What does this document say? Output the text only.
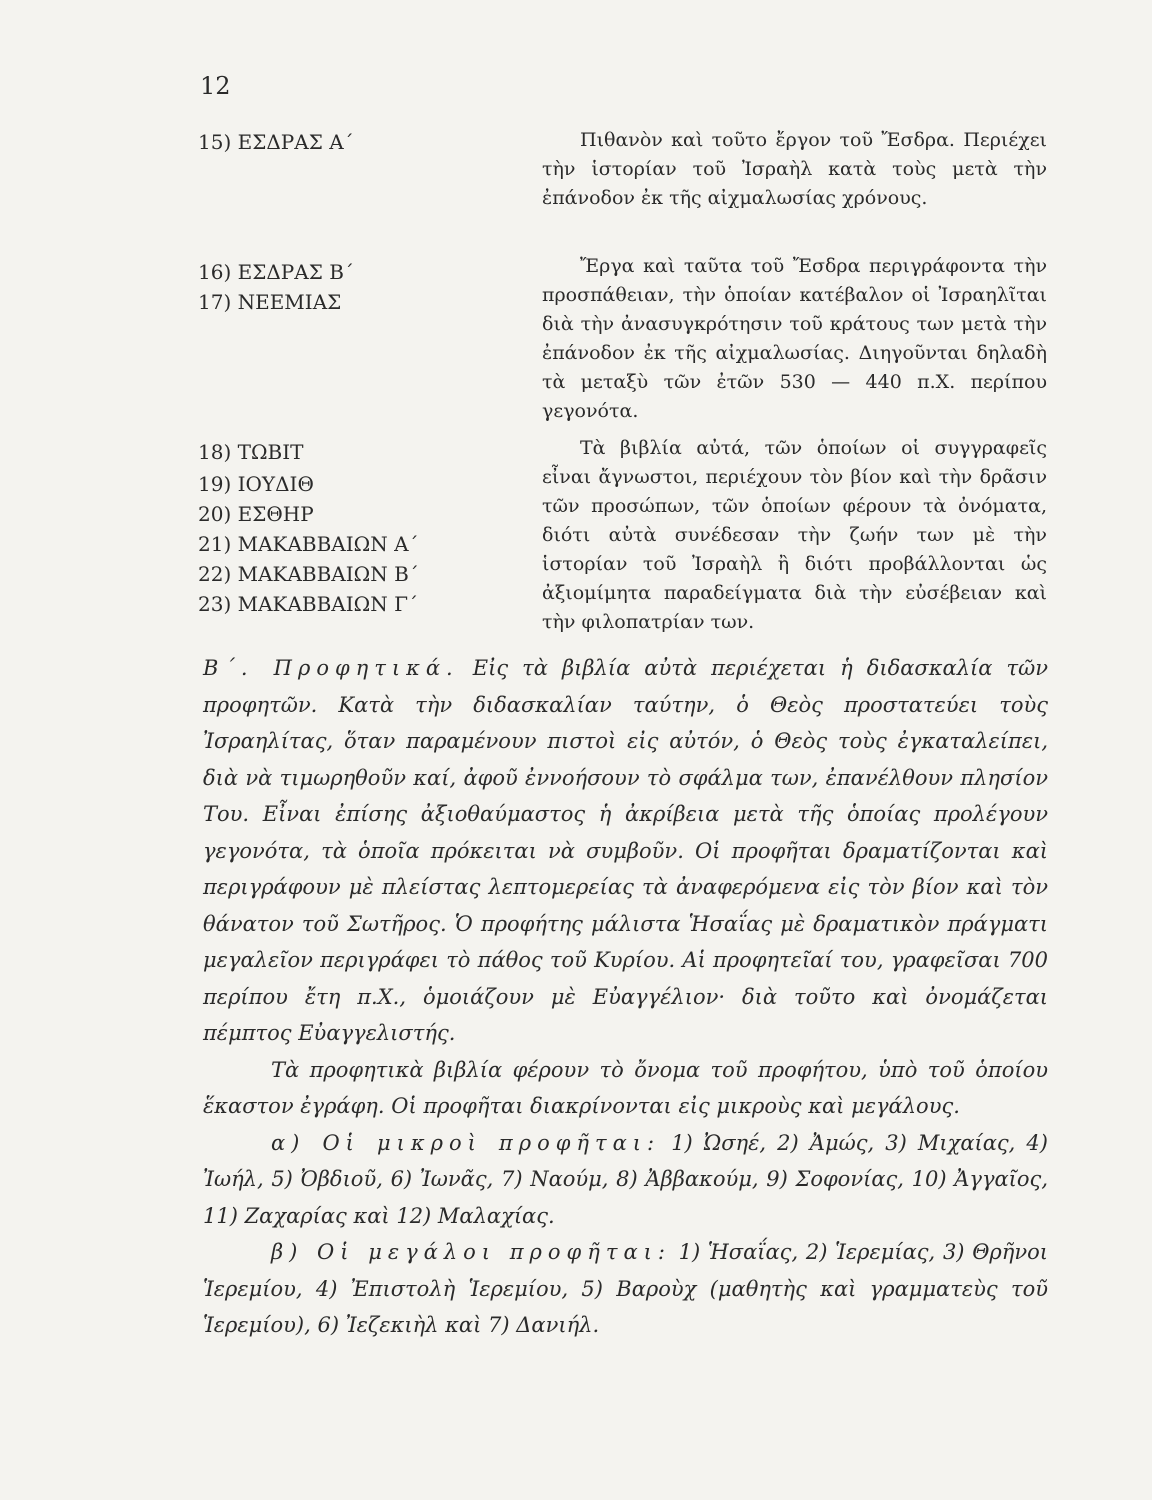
12
15) ΕΣΔΡΑΣ Α΄
16) ΕΣΔΡΑΣ Β΄
17) ΝΕΕΜΙΑΣ
18) ΤΩΒΙΤ
19) ΙΟΥΔΙΘ
20) ΕΣΘΗΡ
21) ΜΑΚΑΒΒΑΙΩΝ Α΄
22) ΜΑΚΑΒΒΑΙΩΝ Β΄
23) ΜΑΚΑΒΒΑΙΩΝ Γ΄

Πιθανὸν καὶ τοῦτο ἔργον τοῦ Ἔσδρα. Περιέχει τὴν ἱστορίαν τοῦ Ἰσραὴλ κατὰ τοὺς μετὰ τὴν ἐπάνοδον ἐκ τῆς αἰχμαλωσίας χρόνους.

Ἔργα καὶ ταῦτα τοῦ Ἔσδρα περιγράφοντα τὴν προσπάθειαν, τὴν ὁποίαν κατέβαλον οἱ Ἰσραηλῖται διὰ τὴν ἀνασυγκρότησιν τοῦ κράτους των μετὰ τὴν ἐπάνοδον ἐκ τῆς αἰχμαλωσίας. Διηγοῦνται δηλαδὴ τὰ μεταξὺ τῶν ἐτῶν 530 — 440 π.Χ. περίπου γεγονότα.

Τὰ βιβλία αὐτά, τῶν ὁποίων οἱ συγγραφεῖς εἶναι ἄγνωστοι, περιέχουν τὸν βίον καὶ τὴν δρᾶσιν τῶν προσώπων, τῶν ὁποίων φέρουν τὰ ὀνόματα, διότι αὐτὰ συνέδεσαν τὴν ζωήν των μὲ τὴν ἱστορίαν τοῦ Ἰσραὴλ ἢ διότι προβάλλονται ὡς ἀξιομίμητα παραδείγματα διὰ τὴν εὐσέβειαν καὶ τὴν φιλοπατρίαν των.

Β΄. Προφητικά. Εἰς τὰ βιβλία αὐτὰ περιέχεται ἡ διδασκαλία τῶν προφητῶν. Κατὰ τὴν διδασκαλίαν ταύτην, ὁ Θεὸς προστατεύει τοὺς Ἰσραηλίτας, ὅταν παραμένουν πιστοὶ εἰς αὐτόν, ὁ Θεὸς τοὺς ἐγκαταλείπει, διὰ νὰ τιμωρηθοῦν καί, ἀφοῦ ἐννοήσουν τὸ σφάλμα των, ἐπανέλθουν πλησίον Του. Εἶναι ἐπίσης ἀξιοθαύμαστος ἡ ἀκρίβεια μετὰ τῆς ὁποίας προλέγουν γεγονότα, τὰ ὁποῖα πρόκειται νὰ συμβοῦν. Οἱ προφῆται δραματίζονται καὶ περιγράφουν μὲ πλείστας λεπτομερείας τὰ ἀναφερόμενα εἰς τὸν βίον καὶ τὸν θάνατον τοῦ Σωτῆρος. Ὁ προφήτης μάλιστα Ἡσαΐας μὲ δραματικὸν πράγματι μεγαλεῖον περιγράφει τὸ πάθος τοῦ Κυρίου. Αἱ προφητεῖαί του, γραφεῖσαι 700 περίπου ἔτη π.Χ., ὁμοιάζουν μὲ Εὐαγγέλιον· διὰ τοῦτο καὶ ὀνομάζεται πέμπτος Εὐαγγελιστής.

Τὰ προφητικὰ βιβλία φέρουν τὸ ὄνομα τοῦ προφήτου, ὑπὸ τοῦ ὁποίου ἕκαστον ἐγράφη. Οἱ προφῆται διακρίνονται εἰς μικροὺς καὶ μεγάλους.

α) Οἱ μικροὶ προφῆται: 1) Ὠσηέ, 2) Ἀμώς, 3) Μιχαίας, 4) Ἰωήλ, 5) Ὀβδιοῦ, 6) Ἰωνᾶς, 7) Ναούμ, 8) Ἀββακούμ, 9) Σοφονίας, 10) Ἀγγαῖος, 11) Ζαχαρίας καὶ 12) Μαλαχίας.

β) Οἱ μεγάλοι προφῆται: 1) Ἡσαΐας, 2) Ἱερεμίας, 3) Θρῆνοι Ἱερεμίου, 4) Ἐπιστολὴ Ἱερεμίου, 5) Βαροὺχ (μαθητὴς καὶ γραμματεὺς τοῦ Ἱερεμίου), 6) Ἰεζεκιὴλ καὶ 7) Δανιήλ.
